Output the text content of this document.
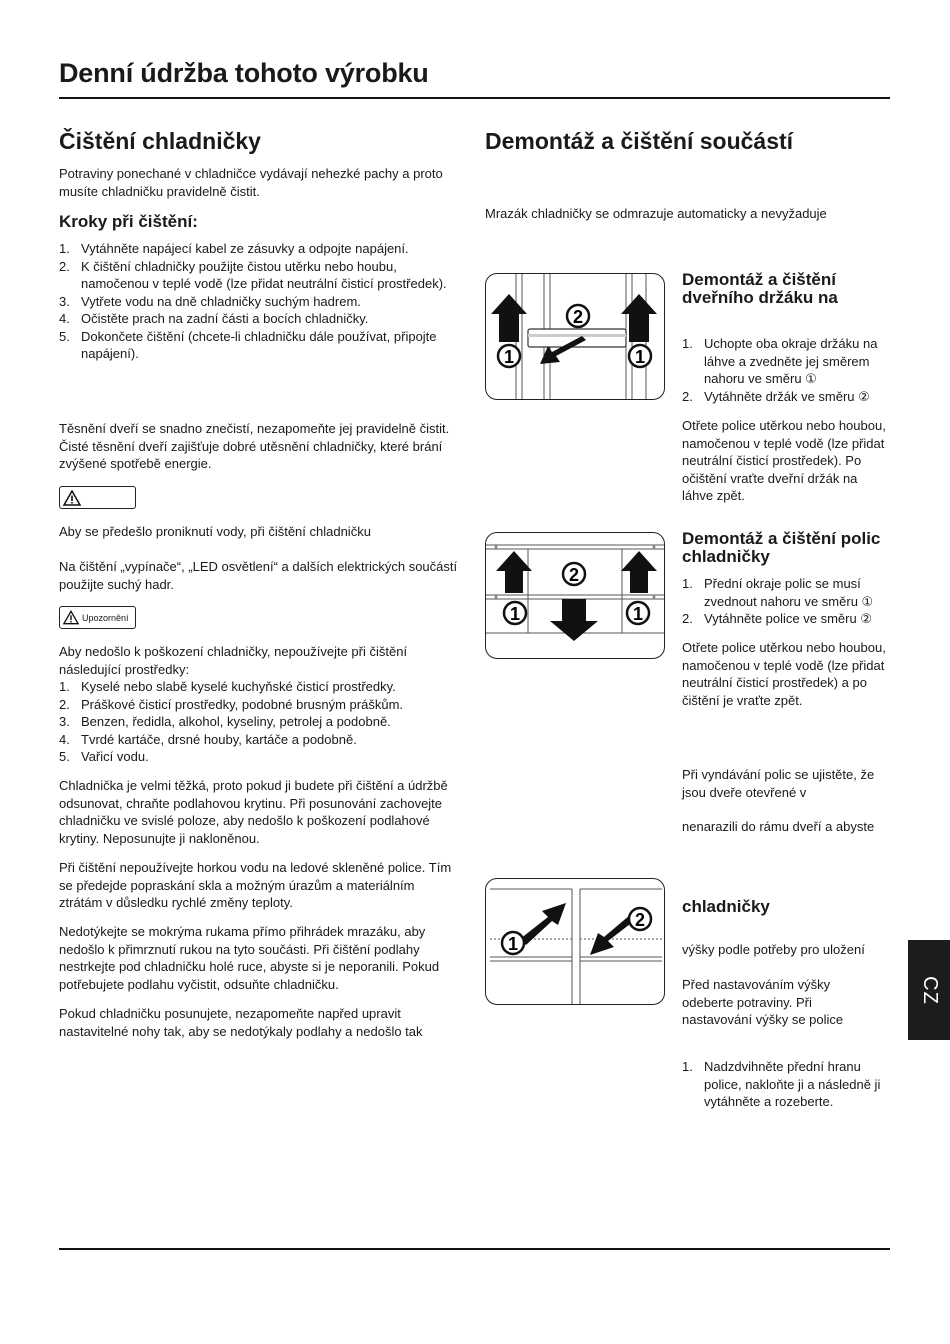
Denní údržba tohoto výrobku
Čištění chladničky

Potraviny ponechané v chladničce vydávají nehezké pachy a proto musíte chladničku pravidelně čistit.

Kroky při čištění:
1. Vytáhněte napájecí kabel ze zásuvky a odpojte napájení.
2. K čištění chladničky použijte čistou utěrku nebo houbu, namočenou v teplé vodě (lze přidat neutrální čisticí prostředek).
3. Vytřete vodu na dně chladničky suchým hadrem.
4. Očistěte prach na zadní části a bocích chladničky.
5. Dokončete čištění (chcete-li chladničku dále používat, připojte napájení).

Těsnění dveří se snadno znečistí, nezapomeňte jej pravidelně čistit. Čisté těsnění dveří zajišťuje dobré utěsnění chladničky, které brání zvýšené spotřebě energie.

Aby se předešlo proniknutí vody, při čištění chladničku

Na čištění „vypínače“, „LED osvětlení“ a dalších elektrických součástí použijte suchý hadr.

Upozornění

Aby nedošlo k poškození chladničky, nepoužívejte při čištění následující prostředky:

1. Kyselé nebo slabě kyselé kuchyňské čisticí prostředky.
2. Práškové čisticí prostředky, podobné brusným práškům.
3. Benzen, ředidla, alkohol, kyseliny, petrolej a podobně.
4. Tvrdé kartáče, drsné houby, kartáče a podobně.
5. Vařicí vodu.

Chladnička je velmi těžká, proto pokud ji budete při čištění a údržbě odsunovat, chraňte podlahovou krytinu. Při posunování zachovejte chladničku ve svislé poloze, aby nedošlo k poškození podlahové krytiny. Neposunujte ji nakloněnou.

Při čištění nepoužívejte horkou vodu na ledové skleněné police. Tím se předejde popraskání skla a možným úrazům a materiálním ztrátám v důsledku rychlé změny teploty.

Nedotýkejte se mokrýma rukama přímo přihrádek mrazáku, aby nedošlo k přimrznutí rukou na tyto součásti. Při čištění podlahy nestrkejte pod chladničku holé ruce, abyste si je neporanili. Pokud potřebujete podlahu vyčistit, odsuňte chladničku.

Pokud chladničku posunujete, nezapomeňte napřed upravit nastavitelné nohy tak, aby se nedotýkaly podlahy a nedošlo tak

Demontáž a čištění součástí

Mrazák chladničky se odmrazuje automaticky a nevyžaduje

1	1
2
Demontáž a čištění dveřního držáku na
1. Uchopte oba okraje držáku na láhve a zvedněte jej směrem nahoru ve směru ①
2. Vytáhněte držák ve směru ②

Otřete police utěrkou nebo houbou, namočenou v teplé vodě (lze přidat neutrální čisticí prostředek). Po očištění vraťte dveřní držák na láhve zpět.

1	1
2
Demontáž a čištění polic chladničky
1. Přední okraje polic se musí zvednout nahoru ve směru ①
2. Vytáhněte police ve směru ②

Otřete police utěrkou nebo houbou, namočenou v teplé vodě (lze přidat neutrální čisticí prostředek) a po čištění je vraťte zpět.

Při vyndávání polic se ujistěte, že jsou dveře otevřené v

nenarazili do rámu dveří a abyste

1
2
chladničky

výšky podle potřeby pro uložení

Před nastavováním výšky odeberte potraviny. Při nastavování výšky se police

1. Nadzdvihněte přední hranu police, nakloňte ji a následně ji vytáhněte a rozeberte.
CZ
